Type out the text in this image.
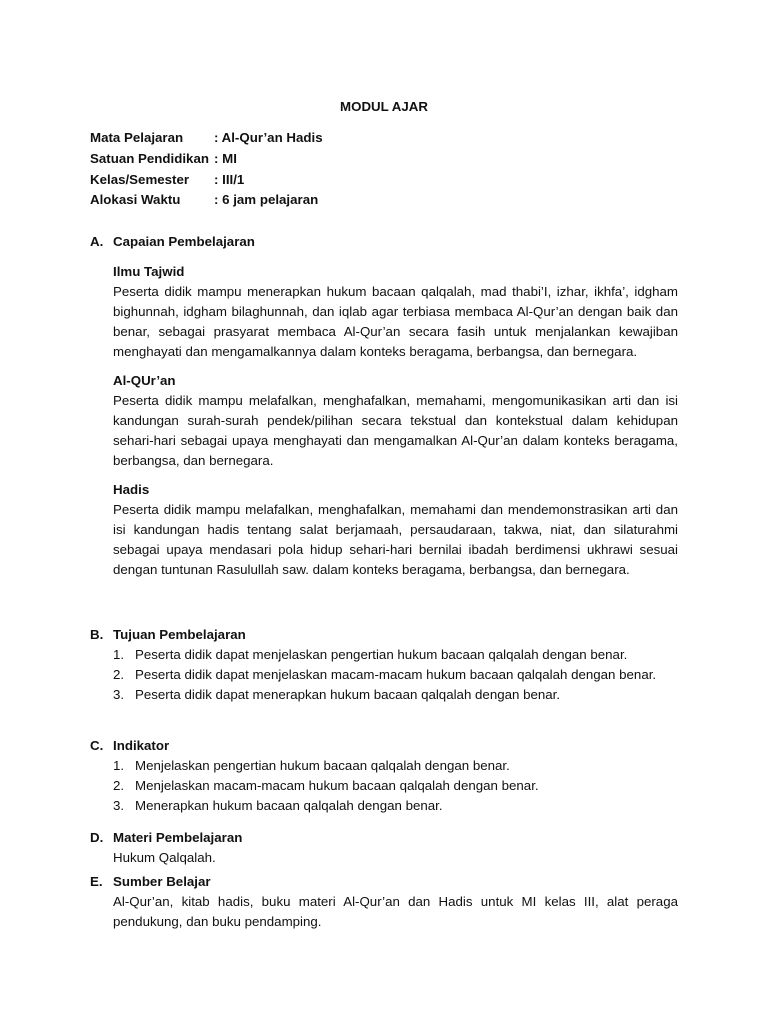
MODUL AJAR
Mata Pelajaran	: Al-Qur’an Hadis
Satuan Pendidikan : MI
Kelas/Semester	: III/1
Alokasi Waktu	: 6 jam pelajaran
A. Capaian Pembelajaran
Ilmu Tajwid
Peserta didik mampu menerapkan hukum bacaan qalqalah, mad thabi’I, izhar, ikhfa’, idgham bighunnah, idgham bilaghunnah, dan iqlab agar terbiasa membaca Al-Qur’an dengan baik dan benar, sebagai prasyarat membaca Al-Qur’an secara fasih untuk menjalankan kewajiban menghayati dan mengamalkannya dalam konteks beragama, berbangsa, dan bernegara.
Al-QUr’an
Peserta didik mampu melafalkan, menghafalkan, memahami, mengomunikasikan arti dan isi kandungan surah-surah pendek/pilihan secara tekstual dan kontekstual dalam kehidupan sehari-hari sebagai upaya menghayati dan mengamalkan Al-Qur’an dalam konteks beragama, berbangsa, dan bernegara.
Hadis
Peserta didik mampu melafalkan, menghafalkan, memahami dan mendemonstrasikan arti dan isi kandungan hadis tentang salat berjamaah, persaudaraan, takwa, niat, dan silaturahmi sebagai upaya mendasari pola hidup sehari-hari bernilai ibadah berdimensi ukhrawi sesuai dengan tuntunan Rasulullah saw. dalam konteks beragama, berbangsa, dan bernegara.
B. Tujuan Pembelajaran
1. Peserta didik dapat menjelaskan pengertian hukum bacaan qalqalah dengan benar.
2. Peserta didik dapat menjelaskan macam-macam hukum bacaan qalqalah dengan benar.
3. Peserta didik dapat menerapkan hukum bacaan qalqalah dengan benar.
C. Indikator
1. Menjelaskan pengertian hukum bacaan qalqalah dengan benar.
2. Menjelaskan macam-macam hukum bacaan qalqalah dengan benar.
3. Menerapkan hukum bacaan qalqalah dengan benar.
D. Materi Pembelajaran
Hukum Qalqalah.
E. Sumber Belajar
Al-Qur’an, kitab hadis, buku materi Al-Qur’an dan Hadis untuk MI kelas III, alat peraga pendukung, dan buku pendamping.
